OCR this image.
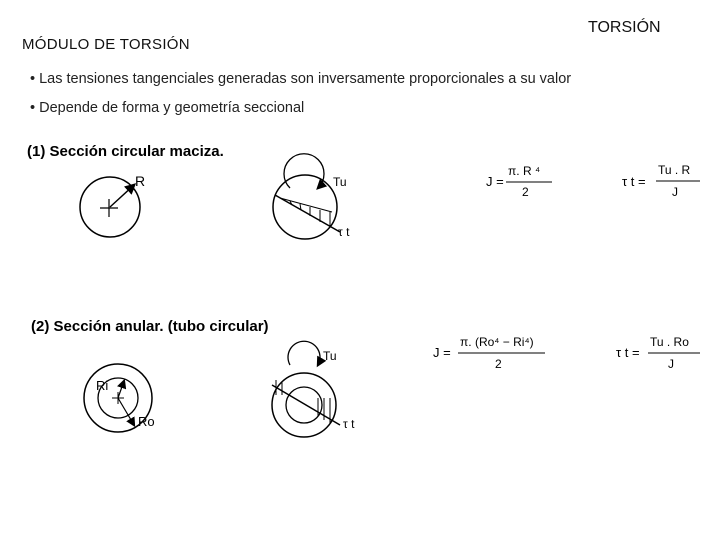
MÓDULO DE TORSIÓN
TORSIÓN
• Las tensiones tangenciales generadas son inversamente proporcionales a su valor
• Depende de forma y geometría seccional
(1) Sección circular maciza.
(2) Sección anular. (tubo circular)
R	Tu
τ t
J =
π. R ⁴
2
τ t =
Tu . R
J
Ri
Ro
Tu
τ t
J =
π. (Ro⁴ − Ri⁴)
2
τ t =
Tu . Ro
J
